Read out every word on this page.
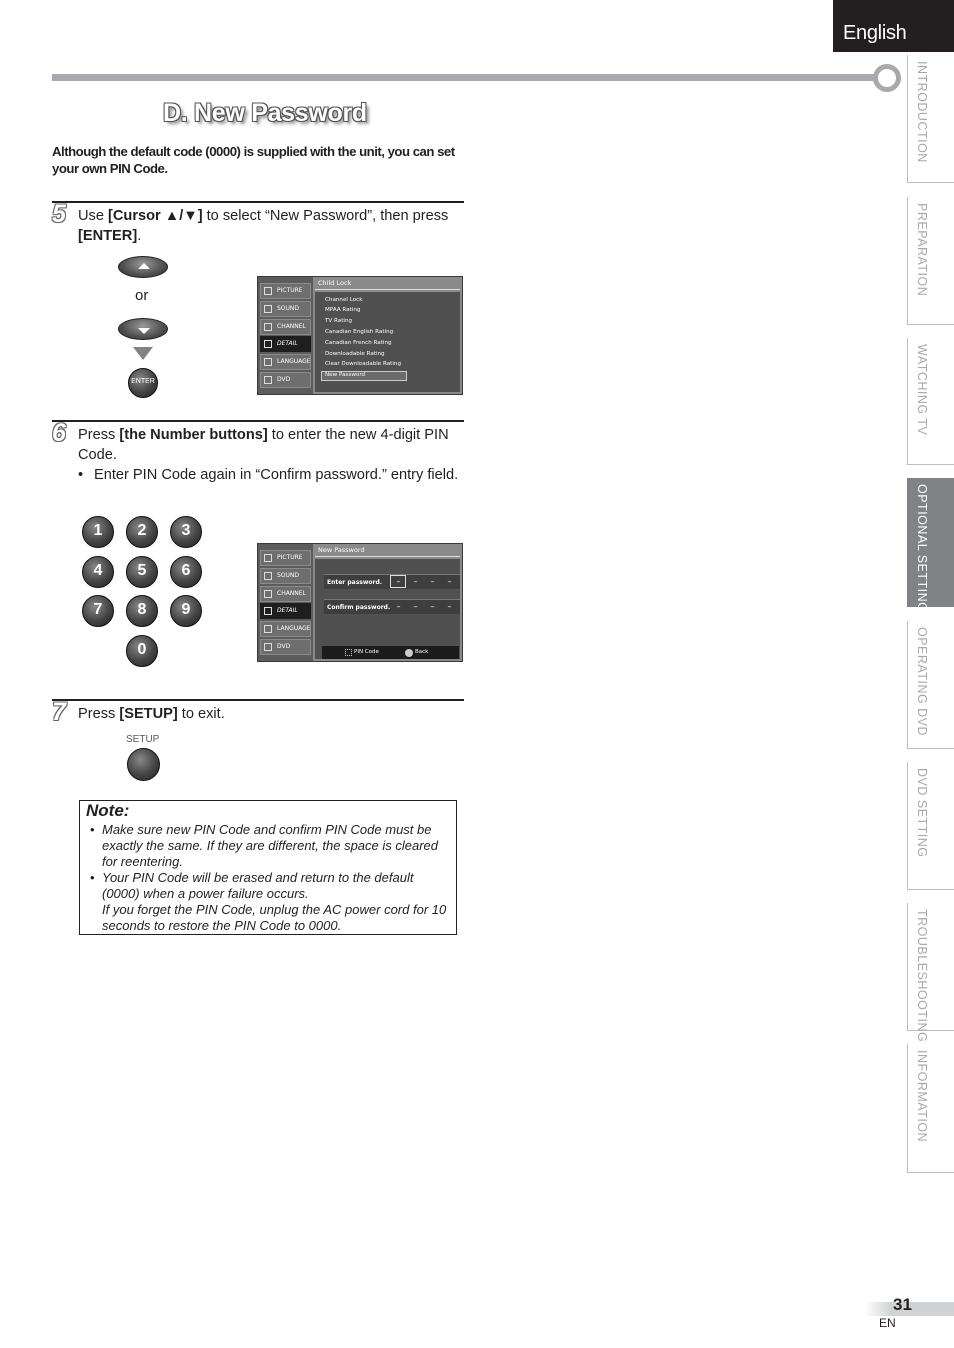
English
D. New Password
Although the default code (0000) is supplied with the unit, you can set your own PIN Code.
5 Use [Cursor ▲/▼] to select “New Password”, then press [ENTER].
or
ENTER
PICTURE
SOUND
CHANNEL
DETAIL
LANGUAGE
DVD
Child Lock
Channel Lock
MPAA Rating
TV Rating
Canadian English Rating
Canadian French Rating
Downloadable Rating
Clear Downloadable Rating
New Password
6 Press [the Number buttons] to enter the new 4-digit PIN Code.
• Enter PIN Code again in “Confirm password.” entry field.
1	2	3
4	5	6
7	8	9
0
PICTURE
SOUND
CHANNEL
DETAIL
LANGUAGE
DVD
New Password
Enter password.	–	–	–	–
Confirm password. –	–	–	–
PIN Code	Back
7 Press [SETUP] to exit.
SETUP
Note:
• Make sure new PIN Code and confirm PIN Code must be
exactly the same. If they are different, the space is cleared
for reentering.
• Your PIN Code will be erased and return to the default
(0000) when a power failure occurs.
If you forget the PIN Code, unplug the AC power cord for 10
seconds to restore the PIN Code to 0000.
INTRODUCTION
PREPARATION
WATCHING TV
OPTIONAL SETTING
OPERATING DVD
DVD SETTING
TROUBLESHOOTING
INFORMATION
31
EN
